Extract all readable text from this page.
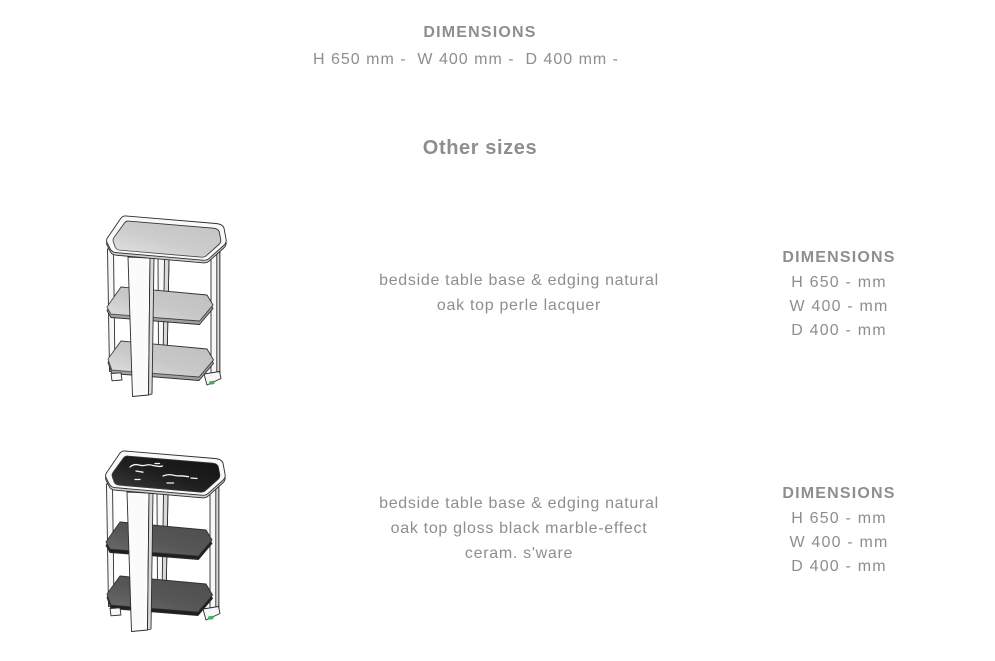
DIMENSIONS
H 650 mm -  W 400 mm -  D 400 mm -
Other sizes
bedside table base & edging natural
oak top perle lacquer
DIMENSIONS
H 650 - mm
W 400 - mm
D 400 - mm
bedside table base & edging natural
oak top gloss black marble-effect
ceram. s'ware
DIMENSIONS
H 650 - mm
W 400 - mm
D 400 - mm
